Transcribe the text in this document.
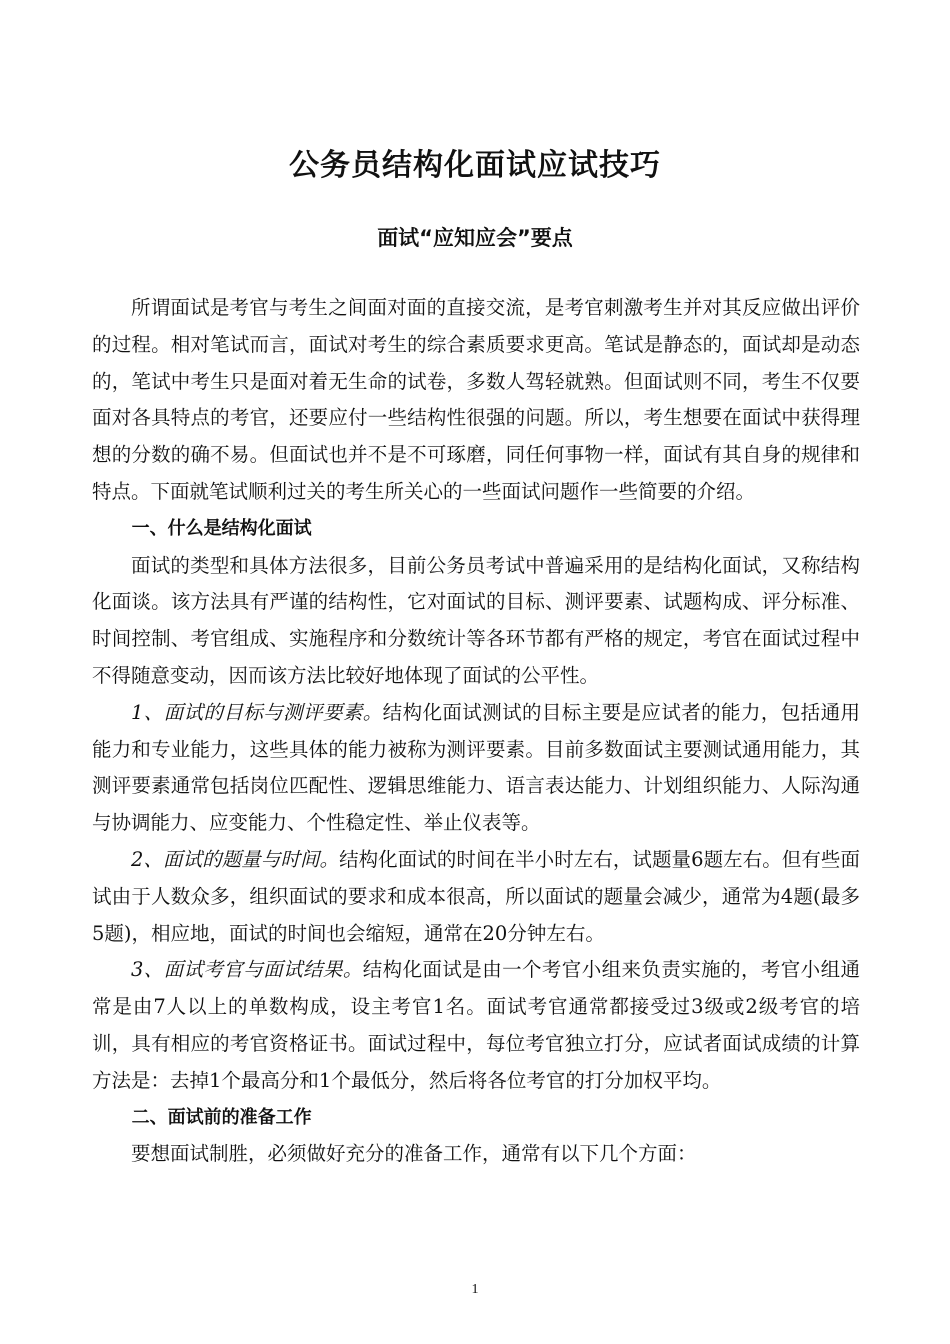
公务员结构化面试应试技巧
面试“应知应会”要点

所谓面试是考官与考生之间面对面的直接交流，是考官刺激考生并对其反应做出评价的过程。相对笔试而言，面试对考生的综合素质要求更高。笔试是静态的，面试却是动态的，笔试中考生只是面对着无生命的试卷，多数人驾轻就熟。但面试则不同，考生不仅要面对各具特点的考官，还要应付一些结构性很强的问题。所以，考生想要在面试中获得理想的分数的确不易。但面试也并不是不可琢磨，同任何事物一样，面试有其自身的规律和特点。下面就笔试顺利过关的考生所关心的一些面试问题作一些简要的介绍。

一、什么是结构化面试

面试的类型和具体方法很多，目前公务员考试中普遍采用的是结构化面试，又称结构化面谈。该方法具有严谨的结构性，它对面试的目标、测评要素、试题构成、评分标准、时间控制、考官组成、实施程序和分数统计等各环节都有严格的规定，考官在面试过程中不得随意变动，因而该方法比较好地体现了面试的公平性。

1、面试的目标与测评要素。结构化面试测试的目标主要是应试者的能力，包括通用能力和专业能力，这些具体的能力被称为测评要素。目前多数面试主要测试通用能力，其测评要素通常包括岗位匹配性、逻辑思维能力、语言表达能力、计划组织能力、人际沟通与协调能力、应变能力、个性稳定性、举止仪表等。

2、面试的题量与时间。结构化面试的时间在半小时左右，试题量6题左右。但有些面试由于人数众多，组织面试的要求和成本很高，所以面试的题量会减少，通常为4题(最多5题)，相应地，面试的时间也会缩短，通常在20分钟左右。

3、面试考官与面试结果。结构化面试是由一个考官小组来负责实施的，考官小组通常是由7人以上的单数构成，设主考官1名。面试考官通常都接受过3级或2级考官的培训，具有相应的考官资格证书。面试过程中，每位考官独立打分，应试者面试成绩的计算方法是：去掉1个最高分和1个最低分，然后将各位考官的打分加权平均。

二、面试前的准备工作

要想面试制胜，必须做好充分的准备工作，通常有以下几个方面：

1
